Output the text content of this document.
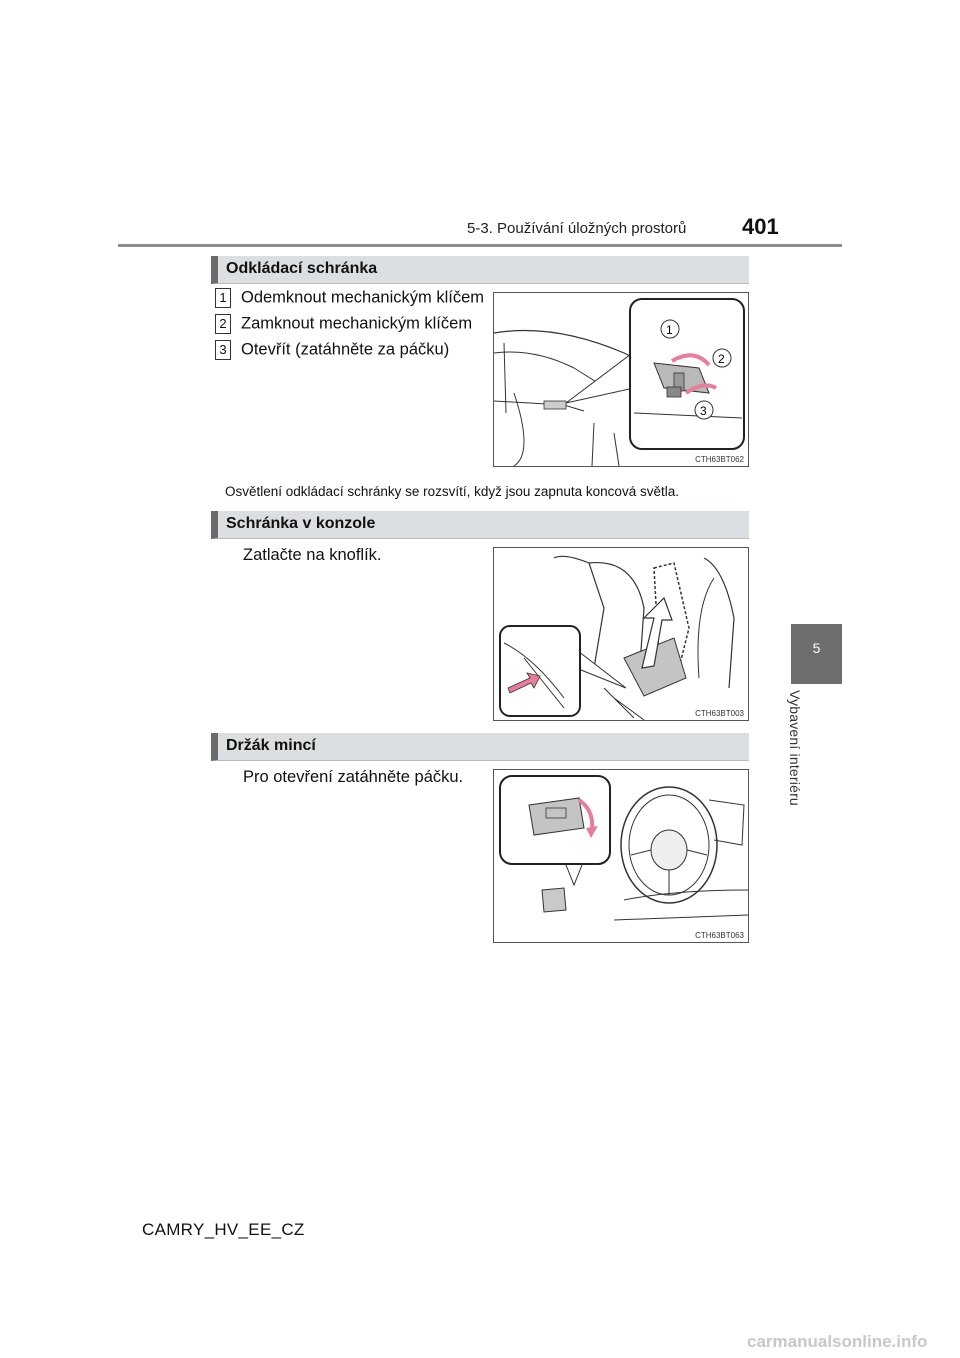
5-3. Používání úložných prostorů	401
5
Vybavení interiéru
Odkládací schránka
1 Odemknout mechanickým klíčem
2 Zamknout mechanickým klíčem
3 Otevřít (zatáhněte za páčku)
1
2
3
CTH63BT062
Osvětlení odkládací schránky se rozsvítí, když jsou zapnuta koncová světla.
Schránka v konzole
Zatlačte na knoflík.
CTH63BT003
Držák mincí
Pro otevření zatáhněte páčku.
CTH63BT063
CAMRY_HV_EE_CZ
carmanualsonline.info
